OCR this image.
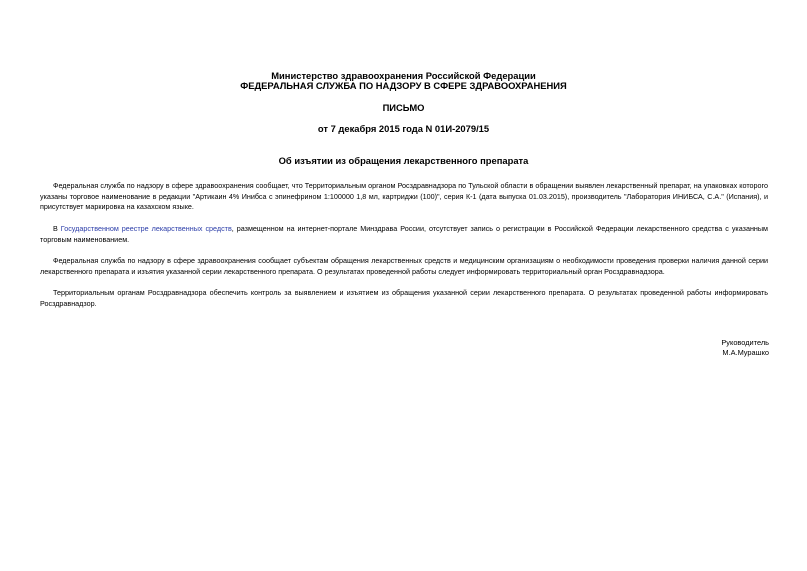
Министерство здравоохранения Российской Федерации
ФЕДЕРАЛЬНАЯ СЛУЖБА ПО НАДЗОРУ В СФЕРЕ ЗДРАВООХРАНЕНИЯ
ПИСЬМО
от 7 декабря 2015 года N 01И-2079/15
Об изъятии из обращения лекарственного препарата

Федеральная служба по надзору в сфере здравоохранения сообщает, что Территориальным органом Росздравнадзора по Тульской области в обращении выявлен лекарственный препарат, на упаковках которого указаны торговое наименование в редакции "Артикаин 4% Инибса с эпинефрином 1:100000 1,8 мл, картриджи (100)", серия К-1 (дата выпуска 01.03.2015), производитель "Лаборатория ИНИБСА, С.А." (Испания), и присутствует маркировка на казахском языке.

В Государственном реестре лекарственных средств, размещенном на интернет-портале Минздрава России, отсутствует запись о регистрации в Российской Федерации лекарственного средства с указанным торговым наименованием.

Федеральная служба по надзору в сфере здравоохранения сообщает субъектам обращения лекарственных средств и медицинским организациям о необходимости проведения проверки наличия данной серии лекарственного препарата и изъятия указанной серии лекарственного препарата. О результатах проведенной работы следует информировать территориальный орган Росздравнадзора.

Территориальным органам Росздравнадзора обеспечить контроль за выявлением и изъятием из обращения указанной серии лекарственного препарата. О результатах проведенной работы информировать Росздравнадзор.

Руководитель
М.А.Мурашко
